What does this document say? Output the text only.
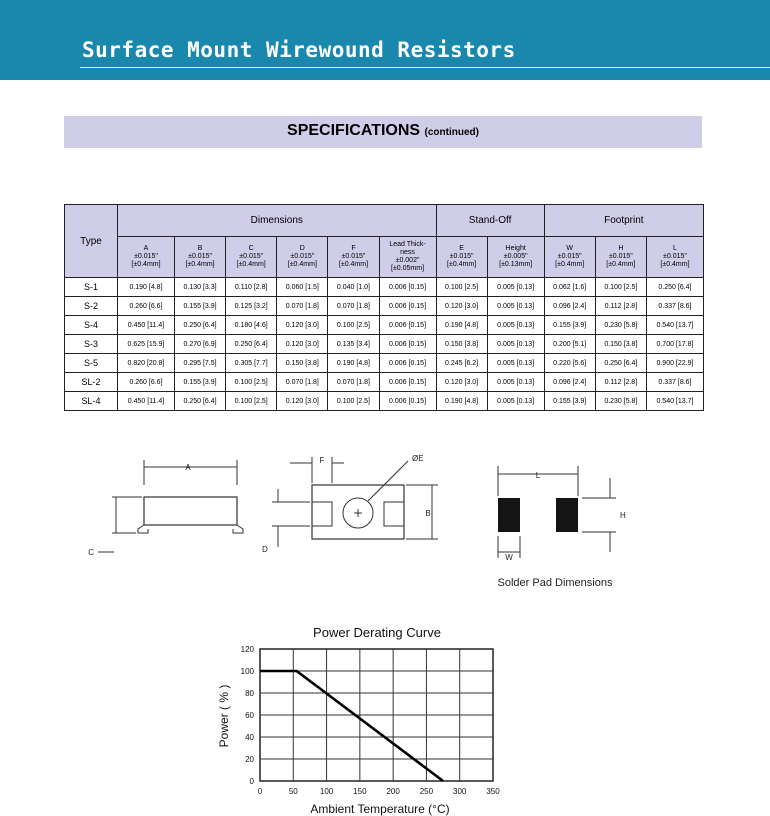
Surface Mount Wirewound Resistors
SPECIFICATIONS (continued)
Type	Dimensions						Stand-Off		Footprint		
	A
±0.015"
[±0.4mm]	B
±0.015"
[±0.4mm]	C
±0.015"
[±0.4mm]	D
±0.015"
[±0.4mm]	F
±0.015"
[±0.4mm]	Lead Thick-
ness
±0.002"
[±0.05mm]	E
±0.015"
[±0.4mm]	Height
±0.005"
[±0.13mm]	W
±0.015"
[±0.4mm]	H
±0.015"
[±0.4mm]	L
±0.015"
[±0.4mm]
S-1	0.190 [4.8]	0.130 [3.3]	0.110 [2.8]	0.060 [1.5]	0.040 [1.0]	0.006 [0.15]	0.100 [2.5]	0.005 [0.13]	0.062 [1.6]	0.100 [2.5]	0.250 [6.4]
S-2	0.260 [6.6]	0.155 [3.9]	0.125 [3.2]	0.070 [1.8]	0.070 [1.8]	0.006 [0.15]	0.120 [3.0]	0.005 [0.13]	0.096 [2.4]	0.112 [2.8]	0.337 [8.6]
S-4	0.450 [11.4]	0.250 [6.4]	0.180 [4.6]	0.120 [3.0]	0.100 [2.5]	0.006 [0.15]	0.190 [4.8]	0.005 [0.13]	0.155 [3.9]	0.230 [5.8]	0.540 [13.7]
S-3	0.625 [15.9]	0.270 [6.9]	0.250 [6.4]	0.120 [3.0]	0.135 [3.4]	0.006 [0.15]	0.150 [3.8]	0.005 [0.13]	0.200 [5.1]	0.150 [3.8]	0.700 [17.8]
S-5	0.820 [20.8]	0.295 [7.5]	0.305 [7.7]	0.150 [3.8]	0.190 [4.8]	0.006 [0.15]	0.245 [6.2]	0.005 [0.13]	0.220 [5.6]	0.250 [6.4]	0.900 [22.9]
SL-2	0.260 [6.6]	0.155 [3.9]	0.100 [2.5]	0.070 [1.8]	0.070 [1.8]	0.006 [0.15]	0.120 [3.0]	0.005 [0.13]	0.096 [2.4]	0.112 [2.8]	0.337 [8.6]
SL-4	0.450 [11.4]	0.250 [6.4]	0.100 [2.5]	0.120 [3.0]	0.100 [2.5]	0.006 [0.15]	0.190 [4.8]	0.005 [0.13]	0.155 [3.9]	0.230 [5.8]	0.540 [13.7]
A
C
F	ØE
B
D
L
H
W
Solder Pad Dimensions
Power Derating Curve
Ambient Temperature (°C)
Power ( % )
0	50	100 150 200 250 300 350
0
20
40
60
80
100
120
